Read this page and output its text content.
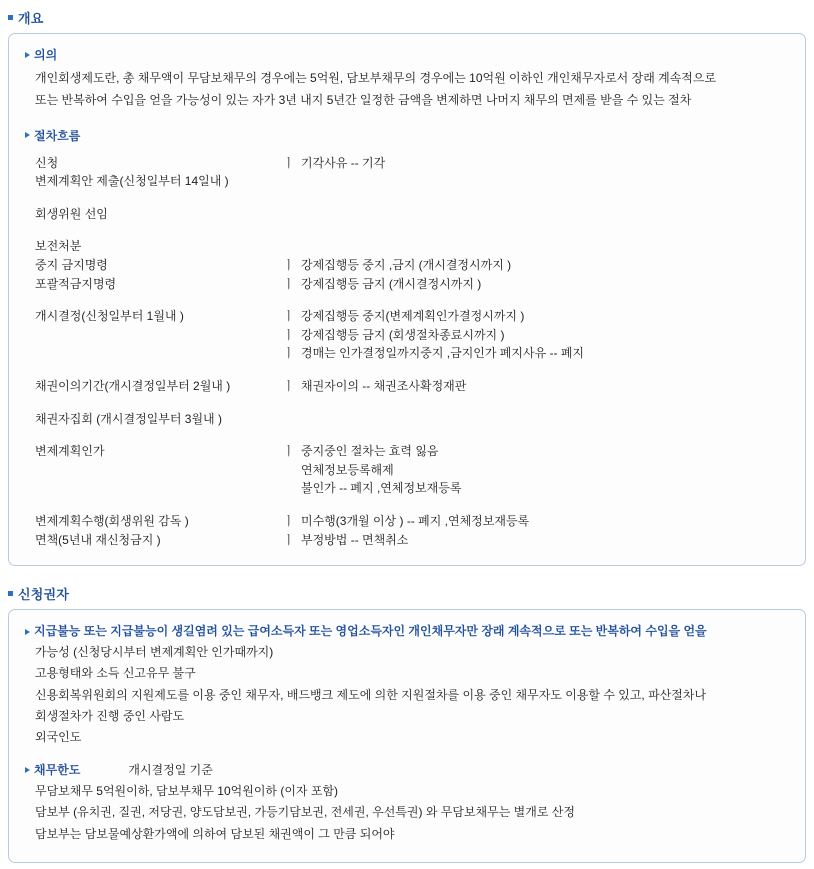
개요
의의
개인회생제도란, 총 채무액이 무담보채무의 경우에는 5억원, 담보부채무의 경우에는 10억원 이하인 개인채무자로서 장래 계속적으로
또는 반복하여 수입을 얻을 가능성이 있는 자가 3년 내지 5년간 일정한 금액을 변제하면 나머지 채무의 면제를 받을 수 있는 절차
절차흐름
신청	ㅣ	기각사유 -- 기각
변제계획안 제출(신청일부터 14일내 )		

회생위원 선임		

보전처분		
중지 금지명령	ㅣ	강제집행등 중지 ,금지 (개시결정시까지 )
포괄적금지명령	ㅣ	강제집행등 금지 (개시결정시까지 )

개시결정(신청일부터 1월내 )	ㅣ	강제집행등 중지(변제계획인가결정시까지 )
	ㅣ	강제집행등 금지 (회생절차종료시까지 )
	ㅣ	경매는 인가결정일까지중지 ,금지인가 폐지사유 -- 폐지

채권이의기간(개시결정일부터 2월내 )	ㅣ	채권자이의 -- 채권조사확정재판

채권자집회 (개시결정일부터 3월내 )		

변제계획인가	ㅣ	중지중인 절차는 효력 잃음
		연체정보등록해제
		불인가 -- 폐지 ,연체정보재등록

변제계획수행(회생위원 감독 )	ㅣ	미수행(3개월 이상 ) -- 폐지 ,연체정보재등록
면책(5년내 재신청금지 )	ㅣ	부정방법 -- 면책취소
신청권자
지급불능 또는 지급불능이 생길염려 있는 급여소득자 또는 영업소득자인 개인채무자만 장래 계속적으로 또는 반복하여 수입을 얻을
가능성 (신청당시부터 변제계획안 인가때까지)
고용형태와 소득 신고유무 불구
신용회복위원회의 지원제도를 이용 중인 채무자, 배드뱅크 제도에 의한 지원절차를 이용 중인 채무자도 이용할 수 있고, 파산절차나
회생절차가 진행 중인 사람도
외국인도
채무한도	개시결정일 기준
무담보채무 5억원이하, 담보부채무 10억원이하 (이자 포함)
담보부 (유치권, 질권, 저당권, 양도담보권, 가등기담보권, 전세권, 우선특권) 와 무담보채무는 별개로 산정
담보부는 담보물예상환가액에 의하여 담보된 채권액이 그 만큼 되어야
